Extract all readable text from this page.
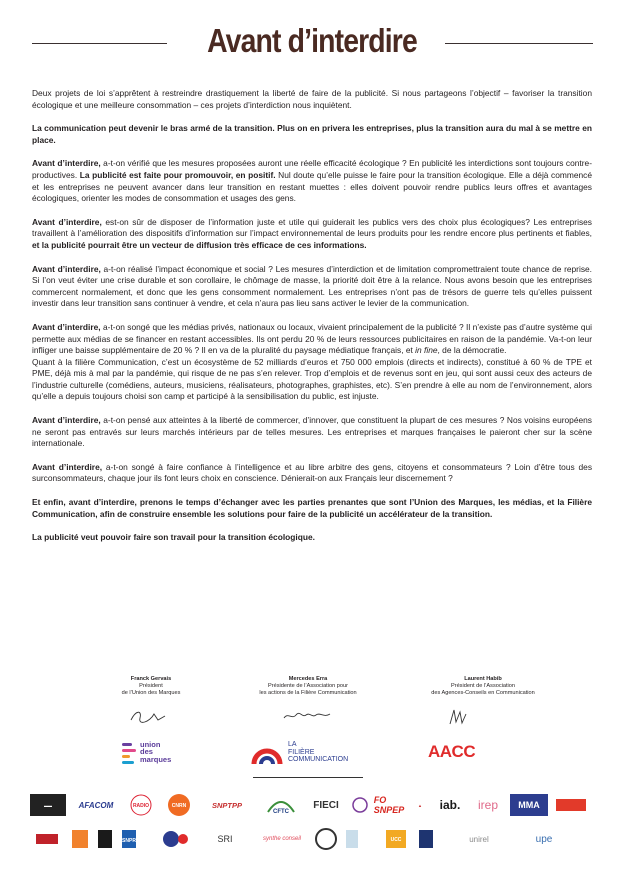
Avant d’interdire

Deux projets de loi s’apprêtent à restreindre drastiquement la liberté de faire de la publicité. Si nous partageons l’objectif – favoriser la transition écologique et une meilleure consommation – ces projets d’interdiction nous inquiètent.

La communication peut devenir le bras armé de la transition. Plus on en privera les entreprises, plus la transition aura du mal à se mettre en place.

Avant d’interdire, a-t-on vérifié que les mesures proposées auront une réelle efficacité écologique ? En publicité les interdictions sont toujours contre-productives. La publicité est faite pour promouvoir, en positif. Nul doute qu’elle puisse le faire pour la transition écologique. Elle a déjà commencé et les entreprises ne peuvent avancer dans leur transition en restant muettes : elles doivent pouvoir rendre publics leurs offres et avantages écologiques, orienter les modes de consommation et usages des gens.

Avant d’interdire, est-on sûr de disposer de l’information juste et utile qui guiderait les publics vers des choix plus écologiques? Les entreprises travaillent à l’amélioration des dispositifs d’information sur l’impact environnemental de leurs produits pour les rendre encore plus pertinents et fiables, et la publicité pourrait être un vecteur de diffusion très efficace de ces informations.

Avant d’interdire, a-t-on réalisé l’impact économique et social ? Les mesures d’interdiction et de limitation compromettraient toute chance de reprise. Si l’on veut éviter une crise durable et son corollaire, le chômage de masse, la priorité doit être à la relance. Nous avons besoin que les entreprises commercent normalement, et donc que les gens consomment normalement. Les entreprises n’ont pas de trésors de guerre tels qu’elles puissent investir dans leur transition sans continuer à vendre, et cela n’aura pas lieu sans activer le levier de la communication.

Avant d’interdire, a-t-on songé que les médias privés, nationaux ou locaux, vivaient principalement de la publicité ? Il n’existe pas d’autre système qui permette aux médias de se financer en restant accessibles. Ils ont perdu 20 % de leurs ressources publicitaires en raison de la pandémie. Va-t-on leur infliger une baisse supplémentaire de 20 % ? Il en va de la pluralité du paysage médiatique français, et in fine, de la démocratie.
Quant à la filière Communication, c’est un écosystème de 52 milliards d’euros et 750 000 emplois (directs et indirects), constitué à 60 % de TPE et PME, déjà mis à mal par la pandémie, qui risque de ne pas s’en relever. Trop d’emplois et de revenus sont en jeu, qui sont aussi ceux des acteurs de l’industrie culturelle (comédiens, auteurs, musiciens, réalisateurs, photographes, graphistes, etc). S’en prendre à elle au nom de l’environnement, alors qu’elle a depuis toujours choisi son camp et participé à la sensibilisation du public, est injuste.

Avant d’interdire, a-t-on pensé aux atteintes à la liberté de commercer, d’innover, que constituent la plupart de ces mesures ? Nos voisins européens ne seront pas entravés sur leurs marchés intérieurs par de telles mesures. Les entreprises et marques françaises le paieront cher sur la scène internationale.

Avant d’interdire, a-t-on songé à faire confiance à l’intelligence et au libre arbitre des gens, citoyens et consommateurs ? Loin d’être tous des surconsommateurs, chaque jour ils font leurs choix en conscience. Dénierait-on aux Français leur discernement ?

Et enfin, avant d’interdire, prenons le temps d’échanger avec les parties prenantes que sont l’Union des Marques, les médias, et la Filière Communication, afin de construire ensemble les solutions pour faire de la publicité un accélérateur de la transition.

La publicité veut pouvoir faire son travail pour la transition écologique.

Franck Gervais
Président
de l’Union des Marques
Mercedes Erra
Présidente de l’Association pour
les actions de la Filière Communication
Laurent Habib
Président de l’Association
des Agences-Conseils en Communication
union
des
marques
LA
FILIÈRE
COMMUNICATION	AACC
▬▬	AFACOM	RADIO	CNRN	SNPTPP
CFTC
FIECI	FO SNPEP	▲	iab.	irep	MMA
SNPR	SRI	synthe conseil	UCC	unirel	upe
